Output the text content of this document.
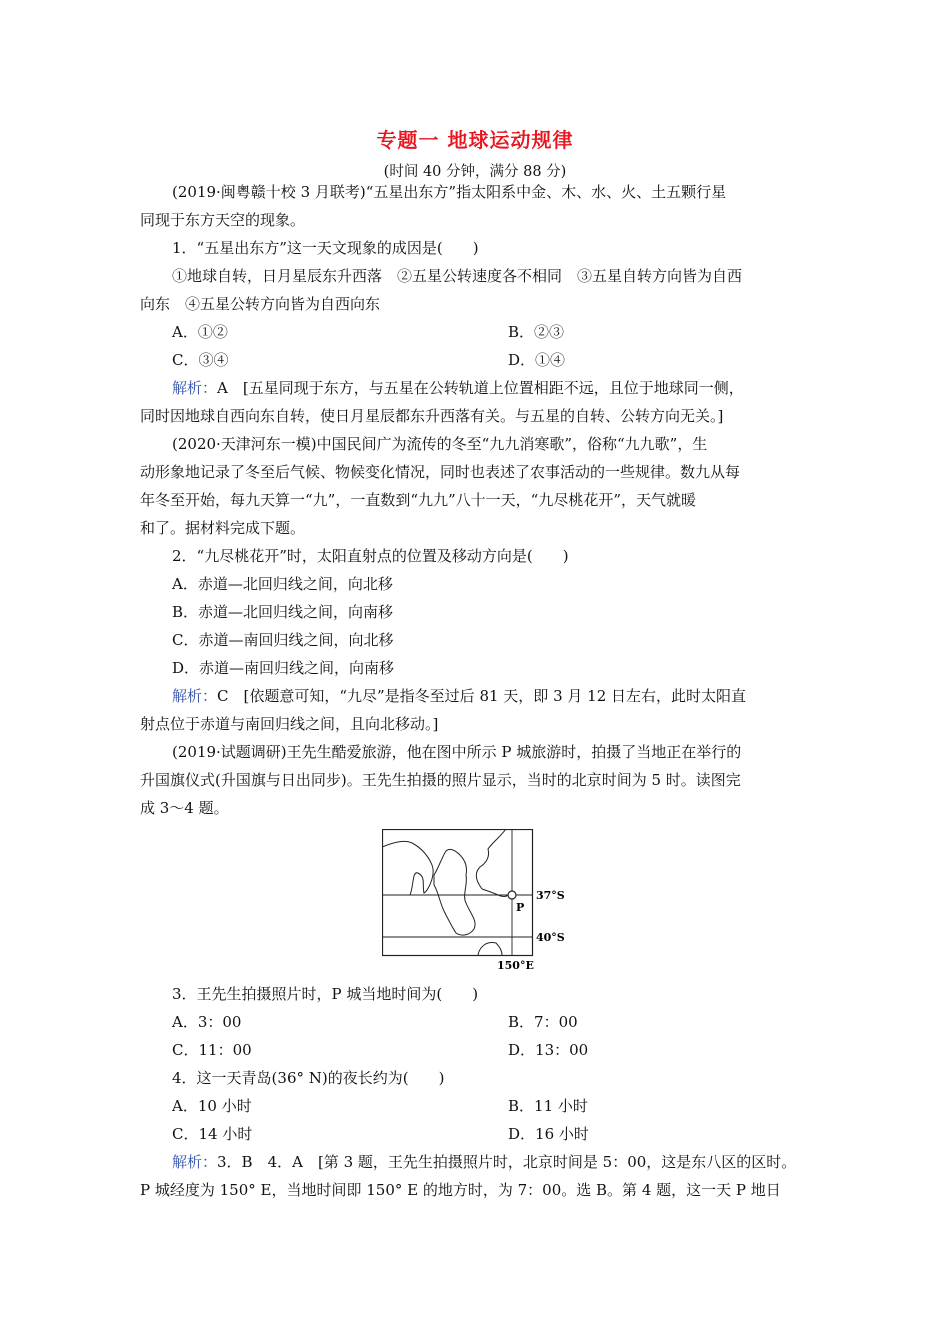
专题一 地球运动规律
(时间 40 分钟，满分 88 分)
(2019·闽粤赣十校 3 月联考)“五星出东方”指太阳系中金、木、水、火、土五颗行星
同现于东方天空的现象。
1．“五星出东方”这一天文现象的成因是(　　)
①地球自转，日月星辰东升西落　②五星公转速度各不相同　③五星自转方向皆为自西
向东　④五星公转方向皆为自西向东
A．①②	B．②③
C．③④	D．①④
解析：A　[五星同现于东方，与五星在公转轨道上位置相距不远，且位于地球同一侧，
同时因地球自西向东自转，使日月星辰都东升西落有关。与五星的自转、公转方向无关。]
(2020·天津河东一模)中国民间广为流传的冬至“九九消寒歌”，俗称“九九歌”，生
动形象地记录了冬至后气候、物候变化情况，同时也表述了农事活动的一些规律。数九从每
年冬至开始，每九天算一“九”，一直数到“九九”八十一天，“九尽桃花开”，天气就暖
和了。据材料完成下题。
2．“九尽桃花开”时，太阳直射点的位置及移动方向是(　　)
A．赤道—北回归线之间，向北移
B．赤道—北回归线之间，向南移
C．赤道—南回归线之间，向北移
D．赤道—南回归线之间，向南移
解析：C　[依题意可知，“九尽”是指冬至过后 81 天，即 3 月 12 日左右，此时太阳直
射点位于赤道与南回归线之间，且向北移动。]
(2019·试题调研)王先生酷爱旅游，他在图中所示 P 城旅游时，拍摄了当地正在举行的
升国旗仪式(升国旗与日出同步)。王先生拍摄的照片显示，当时的北京时间为 5 时。读图完
成 3～4 题。
P
37°S
40°S
150°E
3．王先生拍摄照片时，P 城当地时间为(　　)
A．3：00	B．7：00
C．11：00	D．13：00
4．这一天青岛(36° N)的夜长约为(　　)
A．10 小时	B．11 小时
C．14 小时	D．16 小时
解析：3．B　4．A　[第 3 题，王先生拍摄照片时，北京时间是 5：00，这是东八区的区时。
P 城经度为 150° E，当地时间即 150° E 的地方时，为 7：00。选 B。第 4 题，这一天 P 地日
